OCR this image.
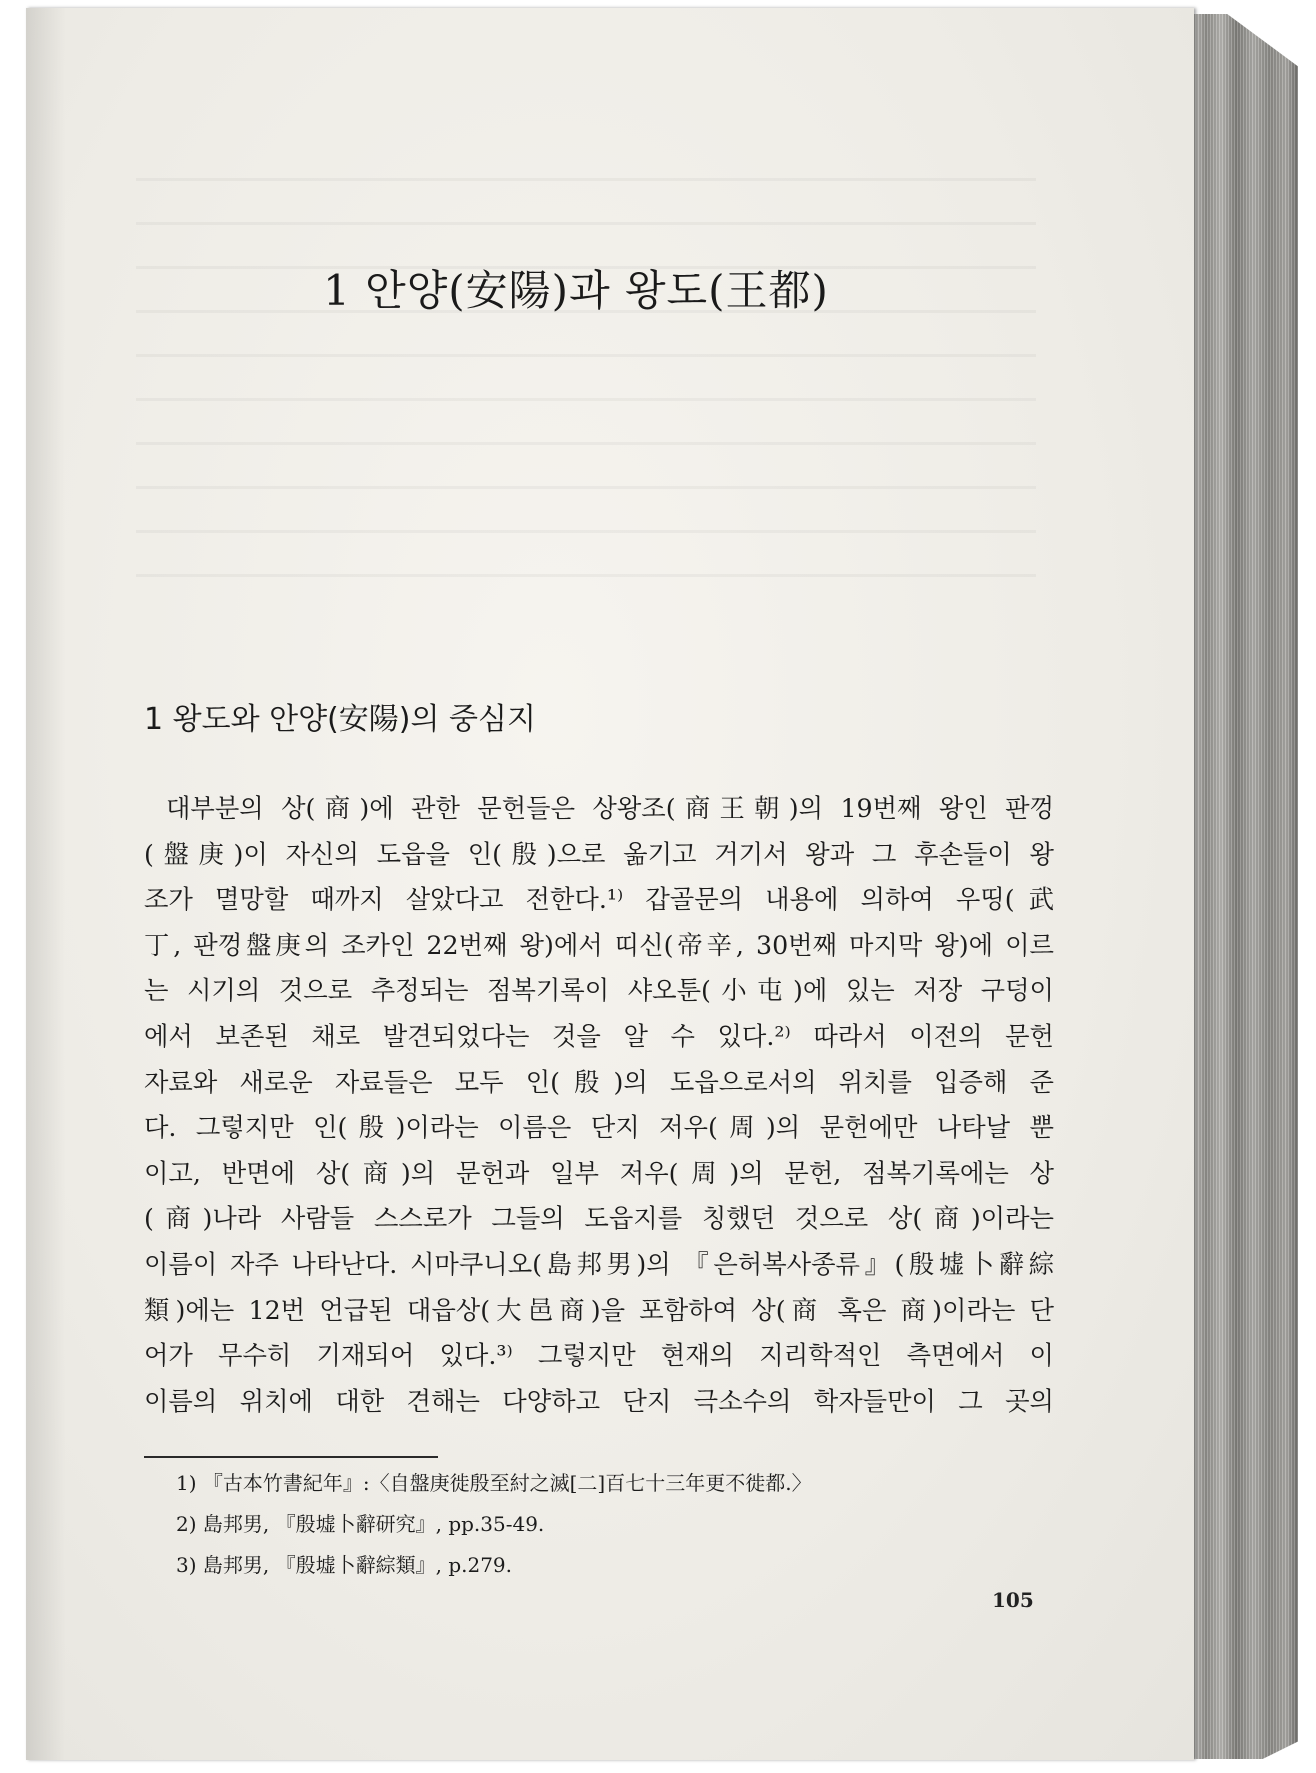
1 안양(安陽)과 왕도(王都)
1 왕도와 안양(安陽)의 중심지
대부분의 상(商)에 관한 문헌들은 상왕조(商王朝)의 19번째 왕인 판껑
(盤庚)이 자신의 도읍을 인(殷)으로 옮기고 거기서 왕과 그 후손들이 왕
조가 멸망할 때까지 살았다고 전한다.¹⁾ 갑골문의 내용에 의하여 우띵(武
丁, 판껑盤庚의 조카인 22번째 왕)에서 띠신(帝辛, 30번째 마지막 왕)에 이르
는 시기의 것으로 추정되는 점복기록이 샤오툰(小屯)에 있는 저장 구덩이
에서 보존된 채로 발견되었다는 것을 알 수 있다.²⁾ 따라서 이전의 문헌
자료와 새로운 자료들은 모두 인(殷)의 도읍으로서의 위치를 입증해 준
다. 그렇지만 인(殷)이라는 이름은 단지 저우(周)의 문헌에만 나타날 뿐
이고, 반면에 상(商)의 문헌과 일부 저우(周)의 문헌, 점복기록에는 상
(商)나라 사람들 스스로가 그들의 도읍지를 칭했던 것으로 상(商)이라는
이름이 자주 나타난다. 시마쿠니오(島邦男)의 『은허복사종류』(殷墟卜辭綜
類)에는 12번 언급된 대읍상(大邑商)을 포함하여 상(商 혹은 商)이라는 단
어가 무수히 기재되어 있다.³⁾ 그렇지만 현재의 지리학적인 측면에서 이
이름의 위치에 대한 견해는 다양하고 단지 극소수의 학자들만이 그 곳의
1) 『古本竹書紀年』:〈自盤庚徙殷至紂之滅[二]百七十三年更不徙都.〉
2) 島邦男, 『殷墟卜辭研究』, pp.35-49.
3) 島邦男, 『殷墟卜辭綜類』, p.279.
105
